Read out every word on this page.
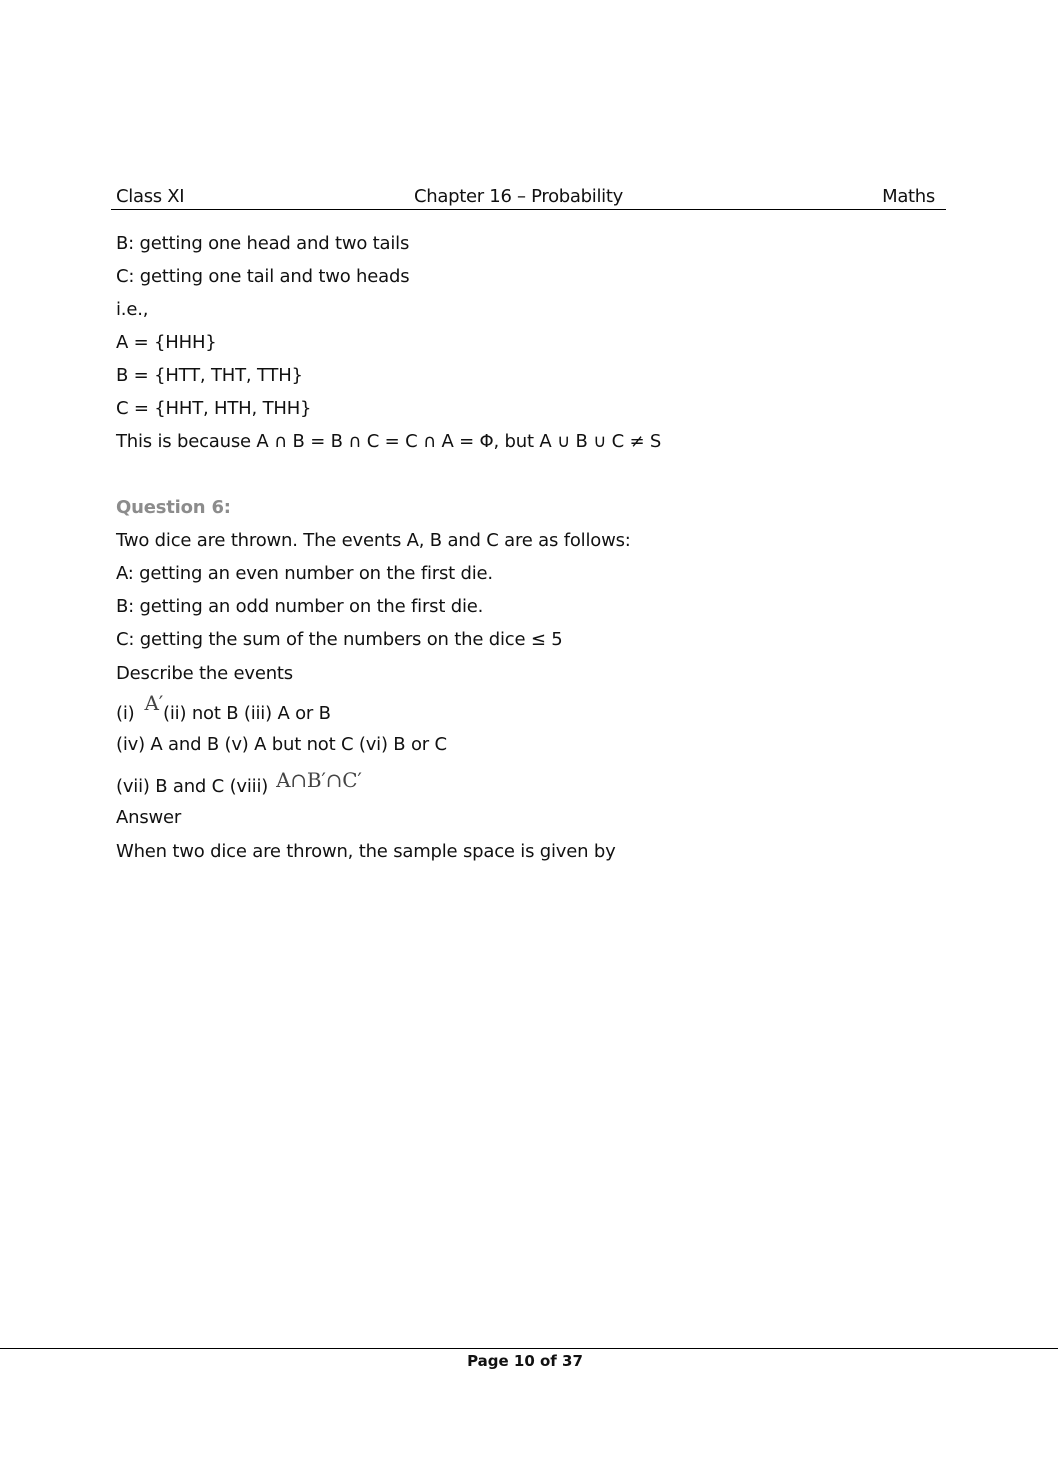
Class XI	Chapter 16 – Probability	Maths
B: getting one head and two tails
C: getting one tail and two heads
i.e.,
A = {HHH}
B = {HTT, THT, TTH}
C = {HHT, HTH, THH}
This is because A ∩ B = B ∩ C = C ∩ A = Φ, but A ∪ B ∪ C ≠ S
Question 6:
Two dice are thrown. The events A, B and C are as follows:
A: getting an even number on the first die.
B: getting an odd number on the first die.
C: getting the sum of the numbers on the dice ≤ 5
Describe the events
(i) A′(ii) not B (iii) A or B
(iv) A and B (v) A but not C (vi) B or C
(vii) B and C (viii) A∩B′∩C′
Answer
When two dice are thrown, the sample space is given by
Page 10 of 37
